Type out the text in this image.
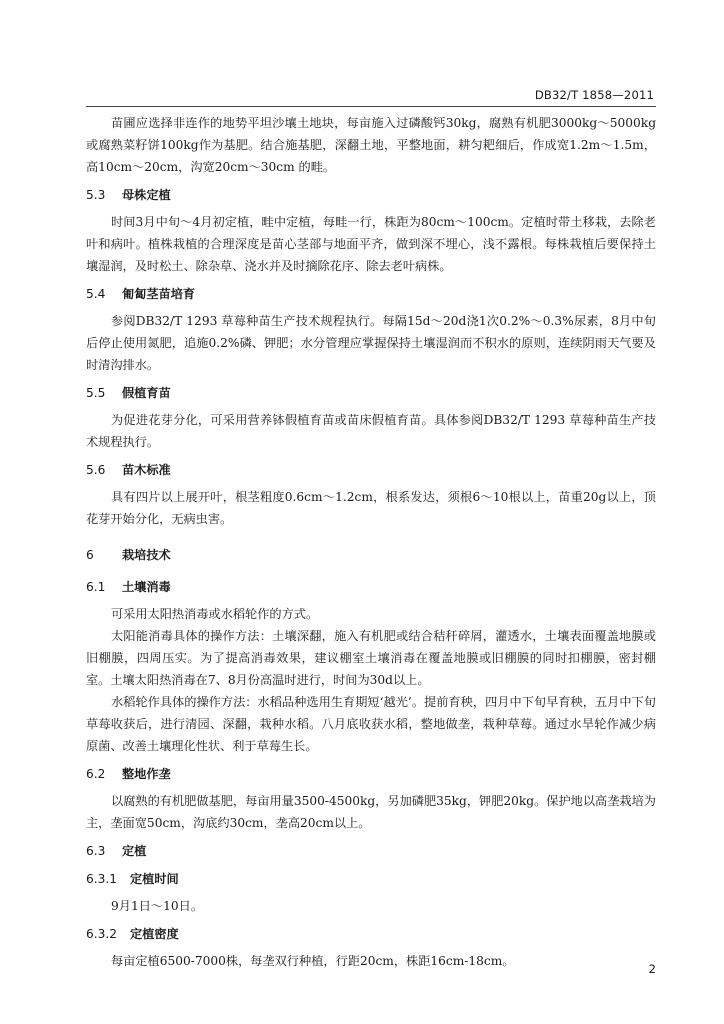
DB32/T 1858—2011

苗圃应选择非连作的地势平坦沙壤土地块，每亩施入过磷酸钙30kg，腐熟有机肥3000kg～5000kg或腐熟菜籽饼100kg作为基肥。结合施基肥，深翻土地，平整地面，耕匀耙细后，作成宽1.2m～1.5m，高10cm～20cm，沟宽20cm～30cm 的畦。

5.3 母株定植

时间3月中旬～4月初定植，畦中定植，每畦一行，株距为80cm～100cm。定植时带土移栽，去除老叶和病叶。植株栽植的合理深度是苗心茎部与地面平齐，做到深不埋心，浅不露根。每株栽植后要保持土壤湿润，及时松土、除杂草、浇水并及时摘除花序、除去老叶病株。

5.4 匍匐茎苗培育

参阅DB32/T 1293 草莓种苗生产技术规程执行。每隔15d～20d浇1次0.2%～0.3%尿素，8月中旬后停止使用氮肥，追施0.2%磷、钾肥；水分管理应掌握保持土壤湿润而不积水的原则，连续阴雨天气要及时清沟排水。

5.5 假植育苗

为促进花芽分化，可采用营养钵假植育苗或苗床假植育苗。具体参阅DB32/T 1293 草莓种苗生产技术规程执行。

5.6 苗木标准

具有四片以上展开叶，根茎粗度0.6cm～1.2cm，根系发达，须根6～10根以上，苗重20g以上，顶花芽开始分化，无病虫害。

6 栽培技术
6.1 土壤消毒

可采用太阳热消毒或水稻轮作的方式。

太阳能消毒具体的操作方法：土壤深翻，施入有机肥或结合秸秆碎屑，灌透水，土壤表面覆盖地膜或旧棚膜，四周压实。为了提高消毒效果，建议棚室土壤消毒在覆盖地膜或旧棚膜的同时扣棚膜，密封棚室。土壤太阳热消毒在7、8月份高温时进行，时间为30d以上。

水稻轮作具体的操作方法：水稻品种选用生育期短‘越光’。提前育秧，四月中下旬早育秧，五月中下旬草莓收获后，进行清园、深翻，栽种水稻。八月底收获水稻，整地做垄，栽种草莓。通过水旱轮作减少病原菌、改善土壤理化性状、利于草莓生长。

6.2 整地作垄

以腐熟的有机肥做基肥，每亩用量3500-4500kg，另加磷肥35kg，钾肥20kg。保护地以高垄栽培为主，垄面宽50cm，沟底约30cm，垄高20cm以上。

6.3 定植
6.3.1 定植时间

9月1日～10日。

6.3.2 定植密度

每亩定植6500-7000株，每垄双行种植，行距20cm，株距16cm-18cm。

2
